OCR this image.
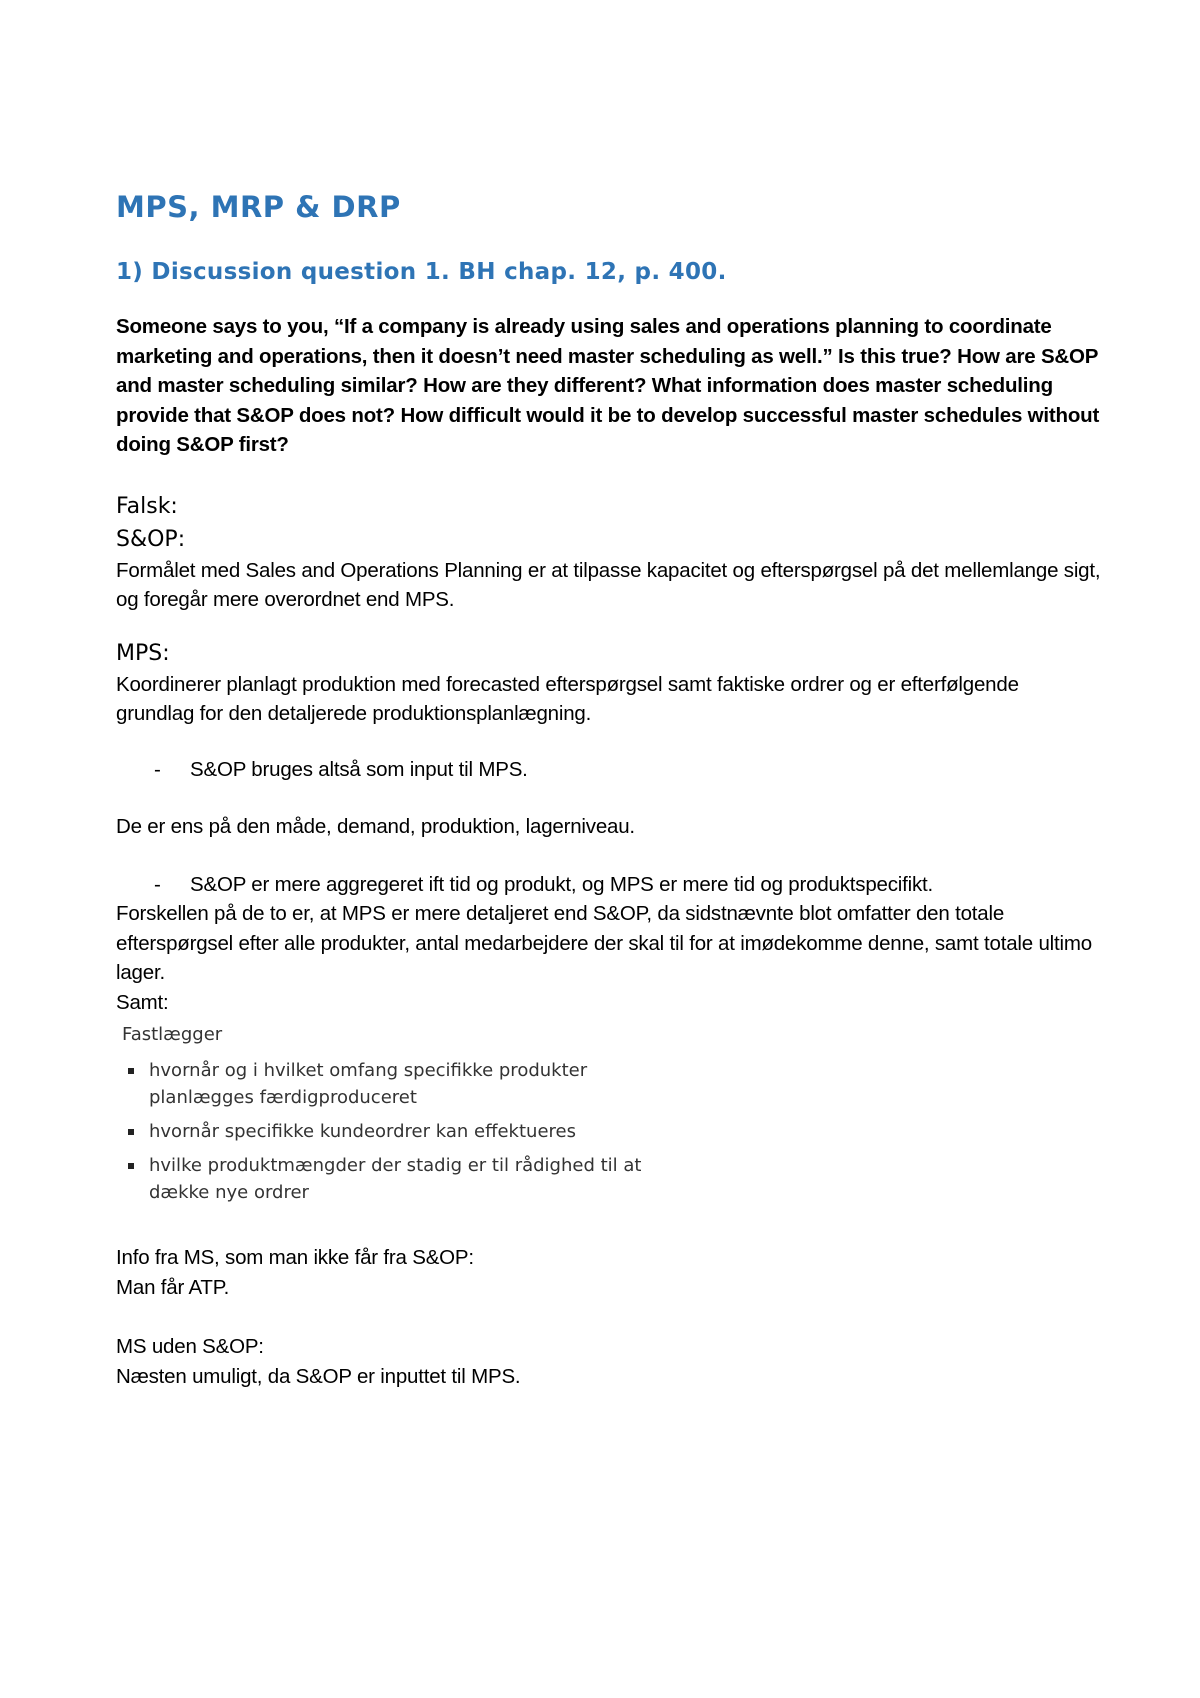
MPS, MRP & DRP
1) Discussion question 1. BH chap. 12, p. 400.

Someone says to you, “If a company is already using sales and operations planning to coordinate marketing and operations, then it doesn’t need master scheduling as well.” Is this true? How are S&OP and master scheduling similar? How are they different? What information does master scheduling provide that S&OP does not? How difficult would it be to develop successful master schedules without doing S&OP first?

Falsk:

S&OP:

Formålet med Sales and Operations Planning er at tilpasse kapacitet og efterspørgsel på det mellemlange sigt, og foregår mere overordnet end MPS.

MPS:

Koordinerer planlagt produktion med forecasted efterspørgsel samt faktiske ordrer og er efterfølgende grundlag for den detaljerede produktionsplanlægning.

- S&OP bruges altså som input til MPS.

De er ens på den måde, demand, produktion, lagerniveau.

- S&OP er mere aggregeret ift tid og produkt, og MPS er mere tid og produktspecifikt.

Forskellen på de to er, at MPS er mere detaljeret end S&OP, da sidstnævnte blot omfatter den totale efterspørgsel efter alle produkter, antal medarbejdere der skal til for at imødekomme denne, samt totale ultimo lager.

Samt:

Fastlægger
hvornår og i hvilket omfang specifikke produkter planlægges færdigproduceret
hvornår specifikke kundeordrer kan effektueres
hvilke produktmængder der stadig er til rådighed til at dække nye ordrer

Info fra MS, som man ikke får fra S&OP:

Man får ATP.

MS uden S&OP:

Næsten umuligt, da S&OP er inputtet til MPS.
